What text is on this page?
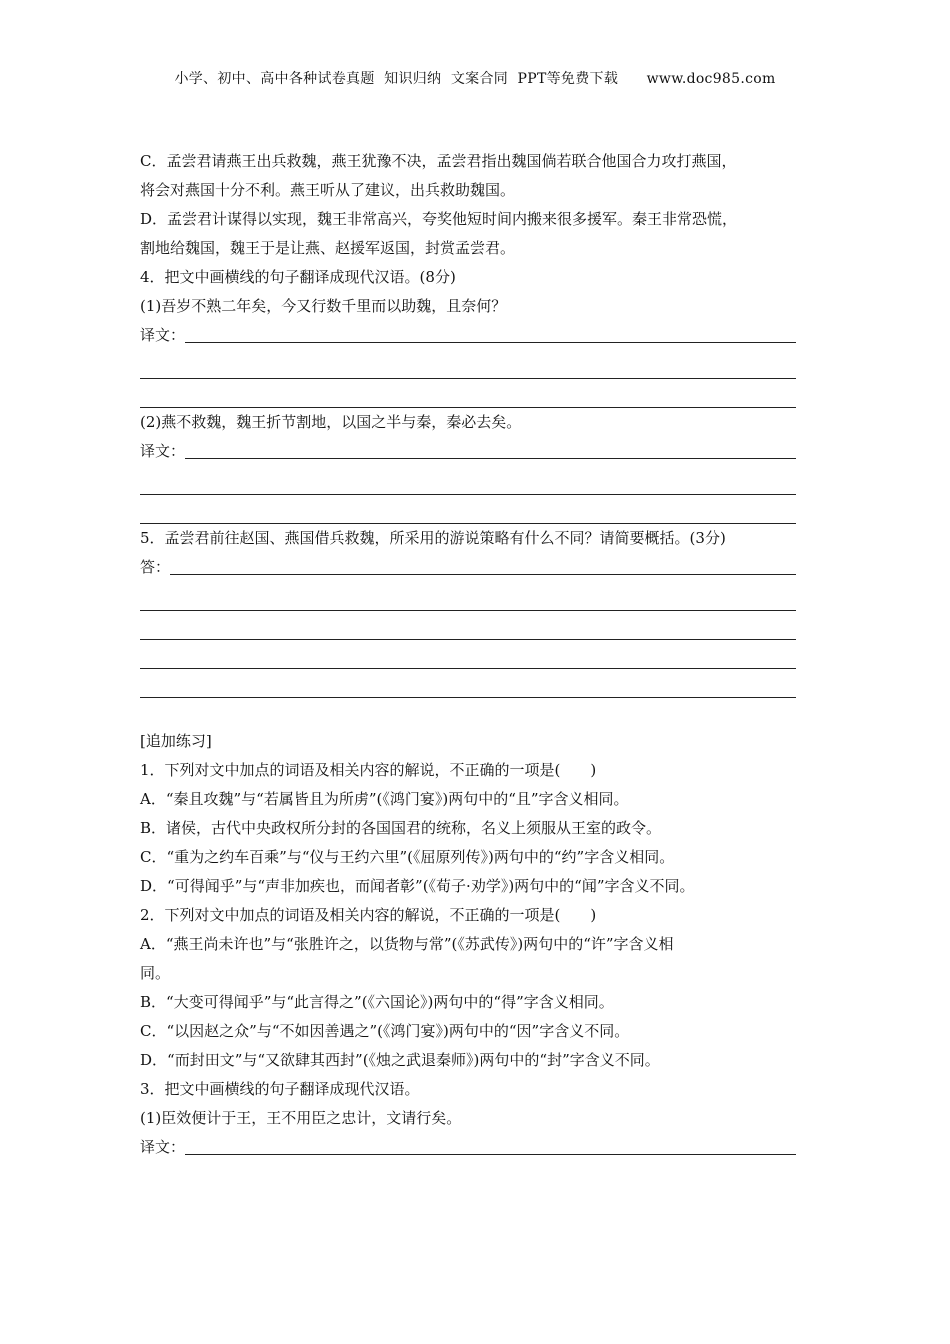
小学、初中、高中各种试卷真题  知识归纳  文案合同  PPT等免费下载      www.doc985.com
C．孟尝君请燕王出兵救魏，燕王犹豫不决，孟尝君指出魏国倘若联合他国合力攻打燕国，
将会对燕国十分不利。燕王听从了建议，出兵救助魏国。
D．孟尝君计谋得以实现，魏王非常高兴，夸奖他短时间内搬来很多援军。秦王非常恐慌，
割地给魏国，魏王于是让燕、赵援军返国，封赏孟尝君。
4．把文中画横线的句子翻译成现代汉语。(8分)
(1)吾岁不熟二年矣，今又行数千里而以助魏，且奈何？
译文：
(2)燕不救魏，魏王折节割地，以国之半与秦，秦必去矣。
译文：
5．孟尝君前往赵国、燕国借兵救魏，所采用的游说策略有什么不同？请简要概括。(3分)
答：
[追加练习]
1．下列对文中加点的词语及相关内容的解说，不正确的一项是(　　)
A．“秦且攻魏”与“若属皆且为所虏”(《鸿门宴》)两句中的“且”字含义相同。
B．诸侯，古代中央政权所分封的各国国君的统称，名义上须服从王室的政令。
C．“重为之约车百乘”与“仪与王约六里”(《屈原列传》)两句中的“约”字含义相同。
D．“可得闻乎”与“声非加疾也，而闻者彰”(《荀子·劝学》)两句中的“闻”字含义不同。
2．下列对文中加点的词语及相关内容的解说，不正确的一项是(　　)
A．“燕王尚未许也”与“张胜许之，以货物与常”(《苏武传》)两句中的“许”字含义相
同。
B．“大变可得闻乎”与“此言得之”(《六国论》)两句中的“得”字含义相同。
C．“以因赵之众”与“不如因善遇之”(《鸿门宴》)两句中的“因”字含义不同。
D．“而封田文”与“又欲肆其西封”(《烛之武退秦师》)两句中的“封”字含义不同。
3．把文中画横线的句子翻译成现代汉语。
(1)臣效便计于王，王不用臣之忠计，文请行矣。
译文：
